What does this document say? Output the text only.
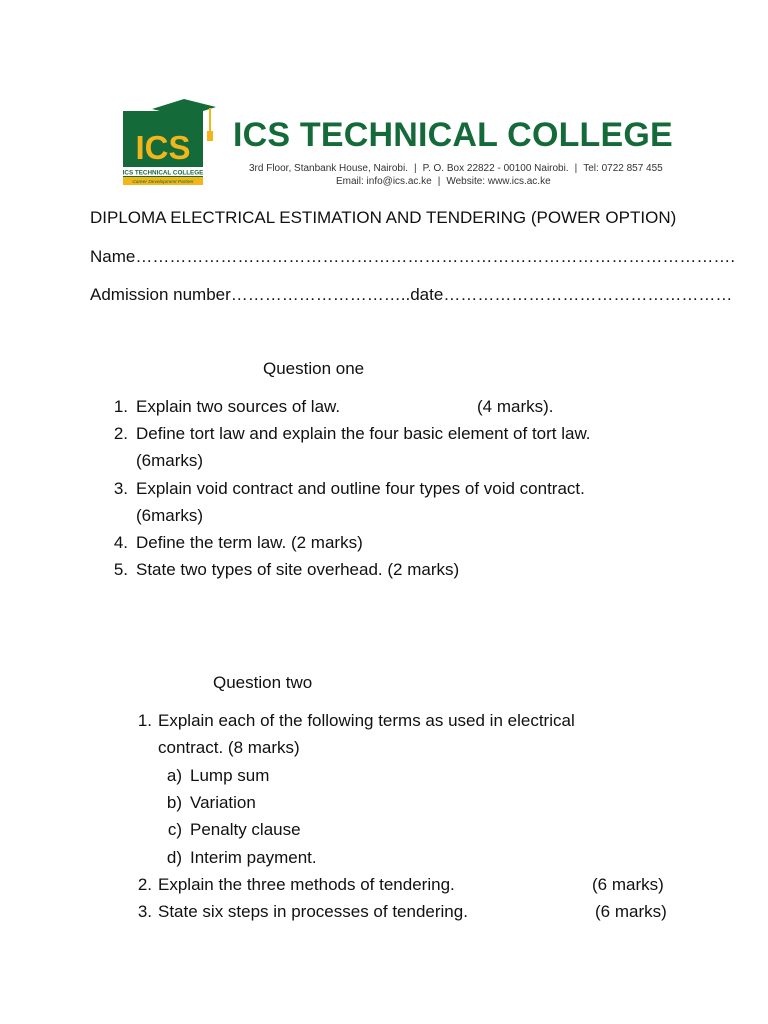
ICS
ICS TECHNICAL COLLEGE
Career Development Partner
ICS TECHNICAL COLLEGE
3rd Floor, Stanbank House, Nairobi. | P. O. Box 22822 - 00100 Nairobi. | Tel: 0722 857 455
Email: info@ics.ac.ke | Website: www.ics.ac.ke
DIPLOMA ELECTRICAL ESTIMATION AND TENDERING (POWER OPTION)
Name…………………………………………………………………………………………….
Admission number…………………………..date……………………………………………
Question one
1. Explain two sources of law.	(4 marks).
2. Define tort law and explain the four basic element of tort law.
(6marks)
3. Explain void contract and outline four types of void contract.
(6marks)
4. Define the term law. (2 marks)
5. State two types of site overhead. (2 marks)
Question two
1. Explain each of the following terms as used in electrical
contract. (8 marks)
a) Lump sum
b) Variation
c) Penalty clause
d) Interim payment.
2. Explain the three methods of tendering.	(6 marks)
3. State six steps in processes of tendering.	(6 marks)
